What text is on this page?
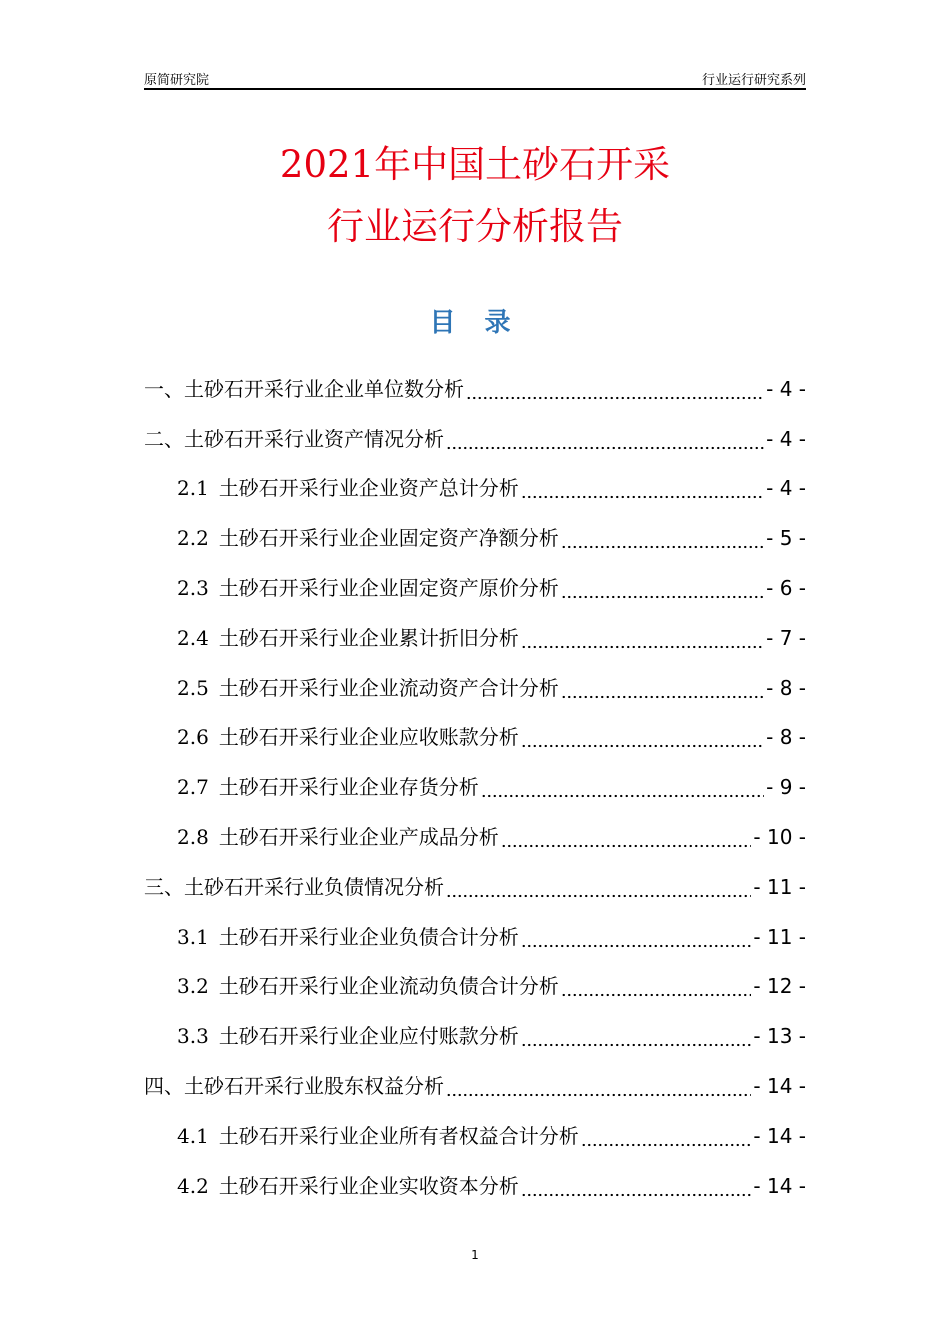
原简研究院	行业运行研究系列
2021年中国土砂石开采
行业运行分析报告
目 录
一、土砂石开采行业企业单位数分析	- 4 -
二、土砂石开采行业资产情况分析	- 4 -
2.1 土砂石开采行业企业资产总计分析	- 4 -
2.2 土砂石开采行业企业固定资产净额分析	- 5 -
2.3 土砂石开采行业企业固定资产原价分析	- 6 -
2.4 土砂石开采行业企业累计折旧分析	- 7 -
2.5 土砂石开采行业企业流动资产合计分析	- 8 -
2.6 土砂石开采行业企业应收账款分析	- 8 -
2.7 土砂石开采行业企业存货分析	- 9 -
2.8 土砂石开采行业企业产成品分析	- 10 -
三、土砂石开采行业负债情况分析	- 11 -
3.1 土砂石开采行业企业负债合计分析	- 11 -
3.2 土砂石开采行业企业流动负债合计分析	- 12 -
3.3 土砂石开采行业企业应付账款分析	- 13 -
四、土砂石开采行业股东权益分析	- 14 -
4.1 土砂石开采行业企业所有者权益合计分析	- 14 -
4.2 土砂石开采行业企业实收资本分析	- 14 -
1
